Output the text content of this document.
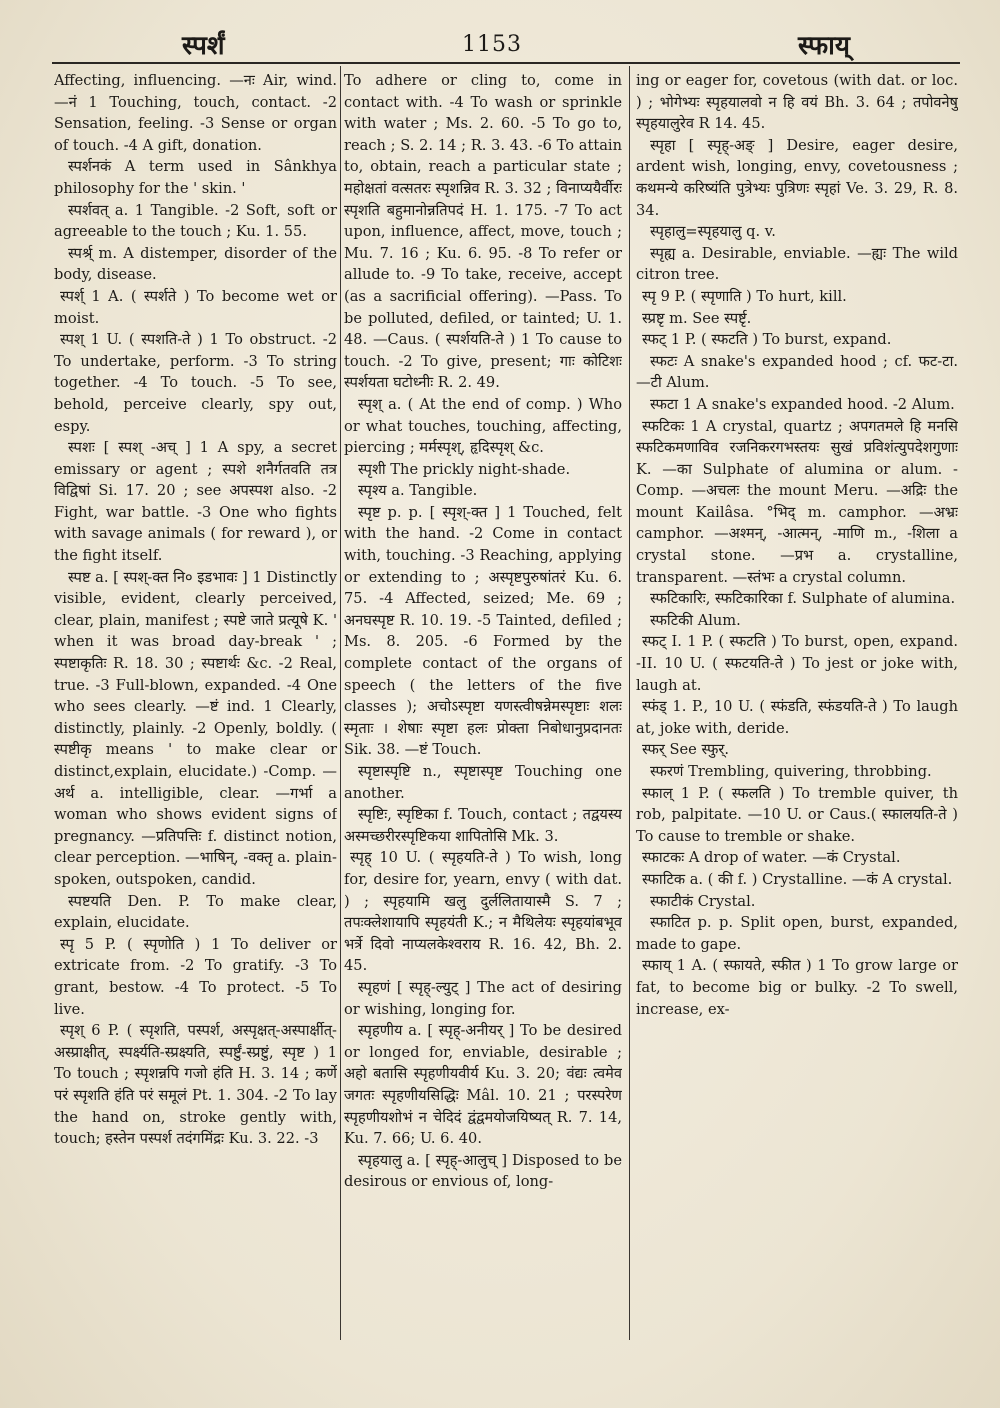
स्पर्शं	1153	स्फाय्

Affecting, influencing. —नः Air, wind. —नं 1 Touching, touch, contact. -2 Sensation, feeling. -3 Sense or organ of touch. -4 A gift, donation.

स्पर्शनकं A term used in Sânkhya philosophy for the ' skin. '

स्पर्शवत् a. 1 Tangible. -2 Soft, soft or agreeable to the touch ; Ku. 1. 55.

स्पर्श्र् m. A distemper, disorder of the body, disease.

स्पर्श् 1 A. ( स्पर्शते ) To become wet or moist.

स्पश् 1 U. ( स्पशति-ते ) 1 To obstruct. -2 To undertake, perform. -3 To string together. -4 To touch. -5 To see, behold, perceive clearly, spy out, espy.

स्पशः [ स्पश् -अच् ] 1 A spy, a secret emissary or agent ; स्पशे शनैर्गतवति तत्र विद्विषां Si. 17. 20 ; see अपस्पश also. -2 Fight, war battle. -3 One who fights with savage animals ( for reward ), or the fight itself.

स्पष्ट a. [ स्पश्-क्त नि० इडभावः ] 1 Distinctly visible, evident, clearly perceived, clear, plain, manifest ; स्पष्टे जाते प्रत्यूषे K. ' when it was broad day-break ' ; स्पष्टाकृतिः R. 18. 30 ; स्पष्टार्थः &c. -2 Real, true. -3 Full-blown, expanded. -4 One who sees clearly. —ष्टं ind. 1 Clearly, distinctly, plainly. -2 Openly, boldly. ( स्पष्टीकृ means ' to make clear or distinct,explain, elucidate.) -Comp. —अर्थ a. intelligible, clear. —गर्भा a woman who shows evident signs of pregnancy. —प्रतिपत्तिः f. distinct notion, clear perception. —भाषिन्, -वक्तृ a. plain-spoken, outspoken, candid.

स्पष्टयति Den. P. To make clear, explain, elucidate.

स्पृ 5 P. ( स्पृणोति ) 1 To deliver or extricate from. -2 To gratify. -3 To grant, bestow. -4 To protect. -5 To live.

स्पृश् 6 P. ( स्पृशति, पस्पर्श, अस्पृक्षत्-अस्पार्क्षीत्-अस्प्राक्षीत्, स्पर्क्ष्यति-स्प्रक्ष्यति, स्पर्ष्टुं-स्प्रष्टुं, स्पृष्ट ) 1 To touch ; स्पृशन्नपि गजो हंति H. 3. 14 ; कर्णे परं स्पृशति हंति परं समूलं Pt. 1. 304. -2 To lay the hand on, stroke gently with, touch; हस्तेन पस्पर्श तदंगमिंद्रः Ku. 3. 22. -3

To adhere or cling to, come in contact with. -4 To wash or sprinkle with water ; Ms. 2. 60. -5 To go to, reach ; S. 2. 14 ; R. 3. 43. -6 To attain to, obtain, reach a particular state ; महोक्षतां वत्सतरः स्पृशन्निव R. 3. 32 ; विनाप्ययैर्वीरः स्पृशति बहुमानोन्नतिपदं H. 1. 175. -7 To act upon, influence, affect, move, touch ; Mu. 7. 16 ; Ku. 6. 95. -8 To refer or allude to. -9 To take, receive, accept (as a sacrificial offering). —Pass. To be polluted, defiled, or tainted; U. 1. 48. —Caus. ( स्पर्शयति-ते ) 1 To cause to touch. -2 To give, present; गाः कोटिशः स्पर्शयता घटोध्नीः R. 2. 49.

स्पृश् a. ( At the end of comp. ) Who or what touches, touching, affecting, piercing ; मर्मस्पृश्, हृदिस्पृश् &c.

स्पृशी The prickly night-shade.

स्पृश्य a. Tangible.

स्पृष्ट p. p. [ स्पृश्-क्त ] 1 Touched, felt with the hand. -2 Come in contact with, touching. -3 Reaching, applying or extending to ; अस्पृष्टपुरुषांतरं Ku. 6. 75. -4 Affected, seized; Me. 69 ; अनघस्पृष्ट R. 10. 19. -5 Tainted, defiled ; Ms. 8. 205. -6 Formed by the complete contact of the organs of speech ( the letters of the five classes ); अचोऽस्पृष्टा यणस्त्वीषन्नेमस्पृष्टाः शलः स्मृताः । शेषाः स्पृष्टा हलः प्रोक्ता निबोधानुप्रदानतः Sik. 38. —ष्टं Touch.

स्पृष्टास्पृष्टि n., स्पृष्टास्पृष्ट Touching one another.

स्पृष्टिः, स्पृष्टिका f. Touch, contact ; तद्वयस्य अस्मच्छरीरस्पृष्टिकया शापितोसि Mk. 3.

स्पृह् 10 U. ( स्पृहयति-ते ) To wish, long for, desire for, yearn, envy ( with dat. ) ; स्पृहयामि खलु दुर्ललितायास्मै S. 7 ; तपःक्लेशायापि स्पृहयंती K.; न मैथिलेयः स्पृहयांबभूव भर्त्रे दिवो नाप्यलकेश्वराय R. 16. 42, Bh. 2. 45.

स्पृहणं [ स्पृह्-ल्युट् ] The act of desiring or wishing, longing for.

स्पृहणीय a. [ स्पृह्-अनीयर् ] To be desired or longed for, enviable, desirable ; अहो बतासि स्पृहणीयवीर्य Ku. 3. 20; वंद्यः त्वमेव जगतः स्पृहणीयसिद्धिः Mâl. 10. 21 ; परस्परेण स्पृहणीयशोभं न चेदिदं द्वंद्वमयोजयिष्यत् R. 7. 14, Ku. 7. 66; U. 6. 40.

स्पृहयालु a. [ स्पृह्-आलुच् ] Disposed to be desirous or envious of, long-

ing or eager for, covetous (with dat. or loc. ) ; भोगेभ्यः स्पृहयालवो न हि वयं Bh. 3. 64 ; तपोवनेषु स्पृहयालुरेव R 14. 45.

स्पृहा [ स्पृह्-अङ् ] Desire, eager desire, ardent wish, longing, envy, covetousness ; कथमन्ये करिष्यंति पुत्रेभ्यः पुत्रिणः स्पृहां Ve. 3. 29, R. 8. 34.

स्पृहालु=स्पृहयालु q. v.

स्पृह्य a. Desirable, enviable. —ह्यः The wild citron tree.

स्पृ 9 P. ( स्पृणाति ) To hurt, kill.

स्प्रष्टृ m. See स्पर्ष्टृ.

स्फट् 1 P. ( स्फटति ) To burst, expand.

स्फटः A snake's expanded hood ; cf. फट-टा. —टी Alum.

स्फटा 1 A snake's expanded hood. -2 Alum.

स्फटिकः 1 A crystal, quartz ; अपगतमले हि मनसि स्फटिकमणाविव रजनिकरगभस्तयः सुखं प्रविशंत्युपदेशगुणाः K. —का Sulphate of alumina or alum. -Comp. —अचलः the mount Meru. —अद्रिः the mount Kailâsa. °भिद् m. camphor. —अभ्रः camphor. —अश्मन्, -आत्मन्, -माणि m., -शिला a crystal stone. —प्रभ a. crystalline, transparent. —स्तंभः a crystal column.

स्फटिकारिः, स्फटिकारिका f. Sulphate of alumina.

स्फटिकी Alum.

स्फट् I. 1 P. ( स्फटति ) To burst, open, expand. -II. 10 U. ( स्फटयति-ते ) To jest or joke with, laugh at.

स्फंड् 1. P., 10 U. ( स्फंडति, स्फंडयति-ते ) To laugh at, joke with, deride.

स्फर् See स्फुर्.

स्फरणं Trembling, quivering, throbbing.

स्फाल् 1 P. ( स्फलति ) To tremble quiver, th rob, palpitate. —10 U. or Caus.( स्फालयति-ते ) To cause to tremble or shake.

स्फाटकः A drop of water. —कं Crystal.

स्फाटिक a. ( की f. ) Crystalline. —कं A crystal.

स्फाटीकं Crystal.

स्फाटित p. p. Split open, burst, expanded, made to gape.

स्फाय् 1 A. ( स्फायते, स्फीत ) 1 To grow large or fat, to become big or bulky. -2 To swell, increase, ex-
